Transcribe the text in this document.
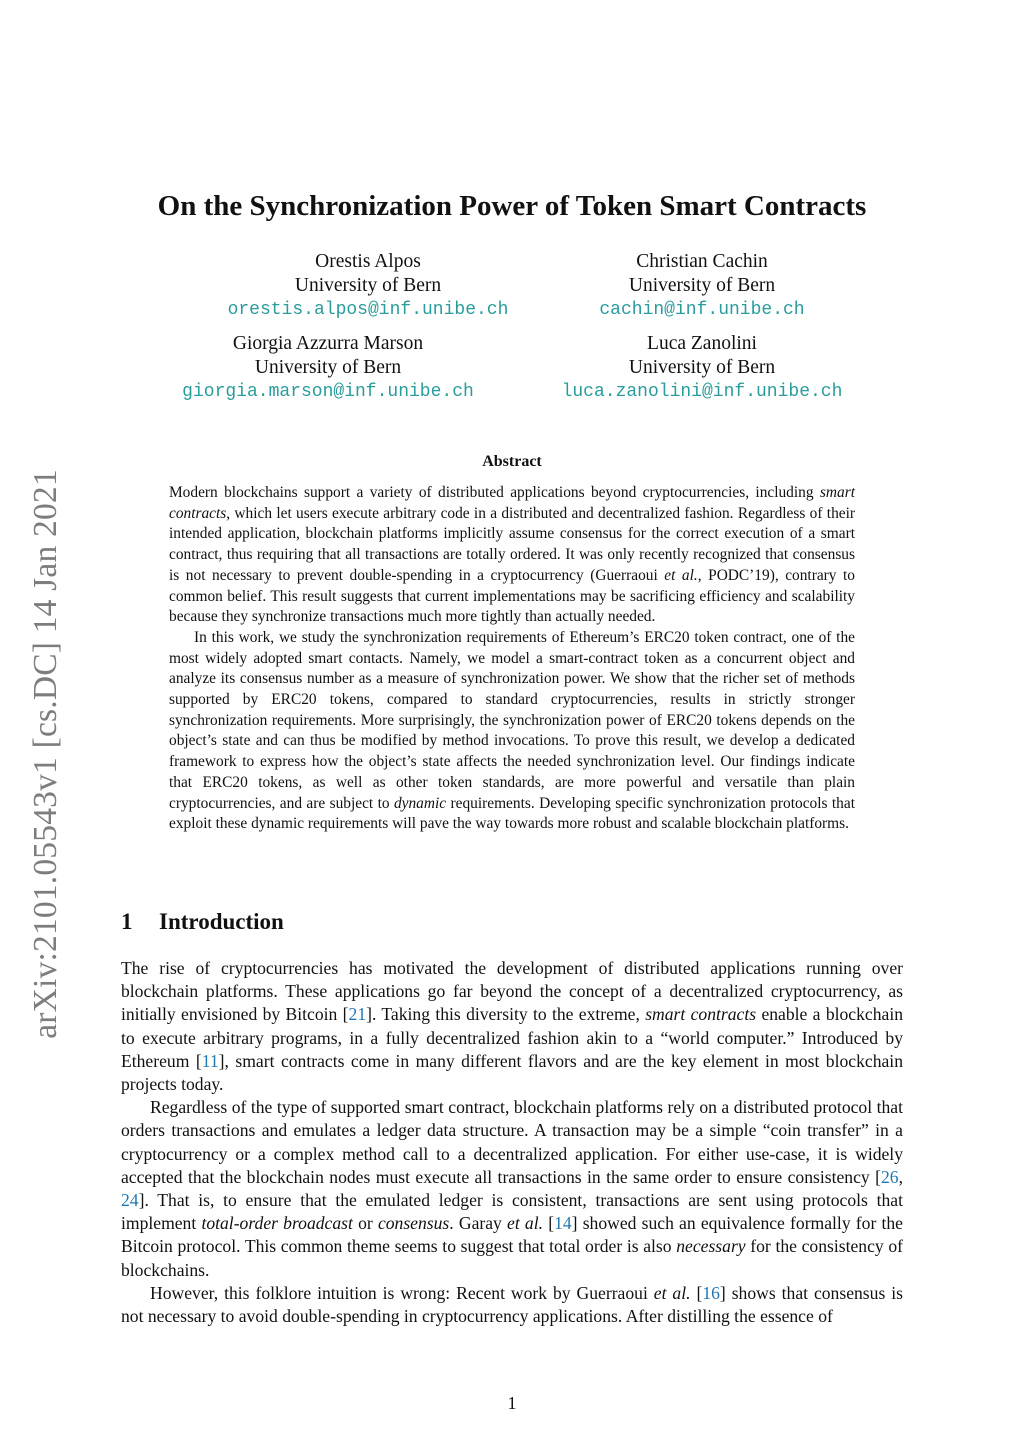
arXiv:2101.05543v1 [cs.DC] 14 Jan 2021
On the Synchronization Power of Token Smart Contracts
Orestis Alpos
University of Bern
orestis.alpos@inf.unibe.ch
Christian Cachin
University of Bern
cachin@inf.unibe.ch
Giorgia Azzurra Marson
University of Bern
giorgia.marson@inf.unibe.ch
Luca Zanolini
University of Bern
luca.zanolini@inf.unibe.ch
Abstract

Modern blockchains support a variety of distributed applications beyond cryptocurrencies, including smart contracts, which let users execute arbitrary code in a distributed and decentralized fashion. Regardless of their intended application, blockchain platforms implicitly assume consensus for the correct execution of a smart contract, thus requiring that all transactions are totally ordered. It was only recently recognized that consensus is not necessary to prevent double-spending in a cryptocurrency (Guerraoui et al., PODC’19), contrary to common belief. This result suggests that current implementations may be sacrificing efficiency and scalability because they synchronize transactions much more tightly than actually needed.

In this work, we study the synchronization requirements of Ethereum’s ERC20 token contract, one of the most widely adopted smart contacts. Namely, we model a smart-contract token as a concurrent object and analyze its consensus number as a measure of synchronization power. We show that the richer set of methods supported by ERC20 tokens, compared to standard cryptocurrencies, results in strictly stronger synchronization requirements. More surprisingly, the synchronization power of ERC20 tokens depends on the object’s state and can thus be modified by method invocations. To prove this result, we develop a dedicated framework to express how the object’s state affects the needed synchronization level. Our findings indicate that ERC20 tokens, as well as other token standards, are more powerful and versatile than plain cryptocurrencies, and are subject to dynamic requirements. Developing specific synchronization protocols that exploit these dynamic requirements will pave the way towards more robust and scalable blockchain platforms.

1 Introduction

The rise of cryptocurrencies has motivated the development of distributed applications running over blockchain platforms. These applications go far beyond the concept of a decentralized cryptocurrency, as initially envisioned by Bitcoin [21]. Taking this diversity to the extreme, smart contracts enable a blockchain to execute arbitrary programs, in a fully decentralized fashion akin to a “world computer.” Introduced by Ethereum [11], smart contracts come in many different flavors and are the key element in most blockchain projects today.

Regardless of the type of supported smart contract, blockchain platforms rely on a distributed protocol that orders transactions and emulates a ledger data structure. A transaction may be a simple “coin transfer” in a cryptocurrency or a complex method call to a decentralized application. For either use-case, it is widely accepted that the blockchain nodes must execute all transactions in the same order to ensure consistency [26, 24]. That is, to ensure that the emulated ledger is consistent, transactions are sent using protocols that implement total-order broadcast or consensus. Garay et al. [14] showed such an equivalence formally for the Bitcoin protocol. This common theme seems to suggest that total order is also necessary for the consistency of blockchains.

However, this folklore intuition is wrong: Recent work by Guerraoui et al. [16] shows that consensus is not necessary to avoid double-spending in cryptocurrency applications. After distilling the essence of

1
